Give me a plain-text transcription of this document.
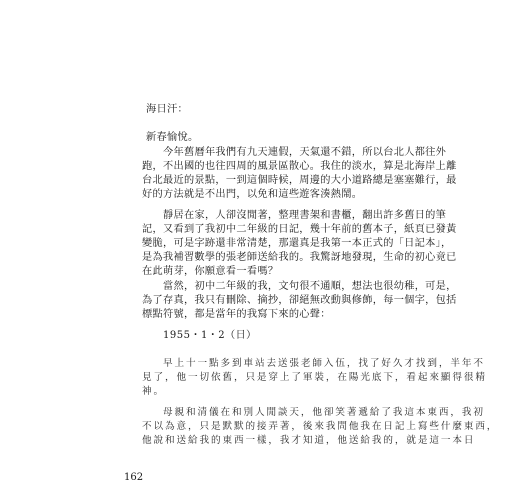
海日汗：
新春愉悅。
今年舊曆年我們有九天連假，天氣還不錯，所以台北人都往外
跑，不出國的也往四周的風景區散心。我住的淡水，算是北海岸上離
台北最近的景點，一到這個時候，周邊的大小道路總是塞塞難行，最
好的方法就是不出門，以免和這些遊客湊熱鬧。
靜居在家，人卻沒閒著，整理書架和書櫃，翻出許多舊日的筆
記，又看到了我初中二年級的日記，幾十年前的舊本子，紙頁已發黃
變脆，可是字跡還非常清楚，那還真是我第一本正式的「日記本」，
是為我補習數學的張老師送給我的。我驚訝地發現，生命的初心竟已
在此萌芽，你願意看一看嗎？
當然，初中二年級的我，文句很不通順，想法也很幼稚，可是，
為了存真，我只有刪除、摘抄，卻絕無改動與修飾，每一個字，包括
標點符號，都是當年的我寫下來的心聲：
1955・1・2（日）
早上十一點多到車站去送張老師入伍，找了好久才找到，半年不
見了，他一切依舊，只是穿上了軍裝，在陽光底下，看起來顯得很精
神。
母親和清儀在和別人閒談天，他卻笑著遞給了我這本東西，我初
不以為意，只是默默的接弄著，後來我問他我在日記上寫些什麼東西，
他說和送給我的東西一樣，我才知道，他送給我的，就是這一本日
162
